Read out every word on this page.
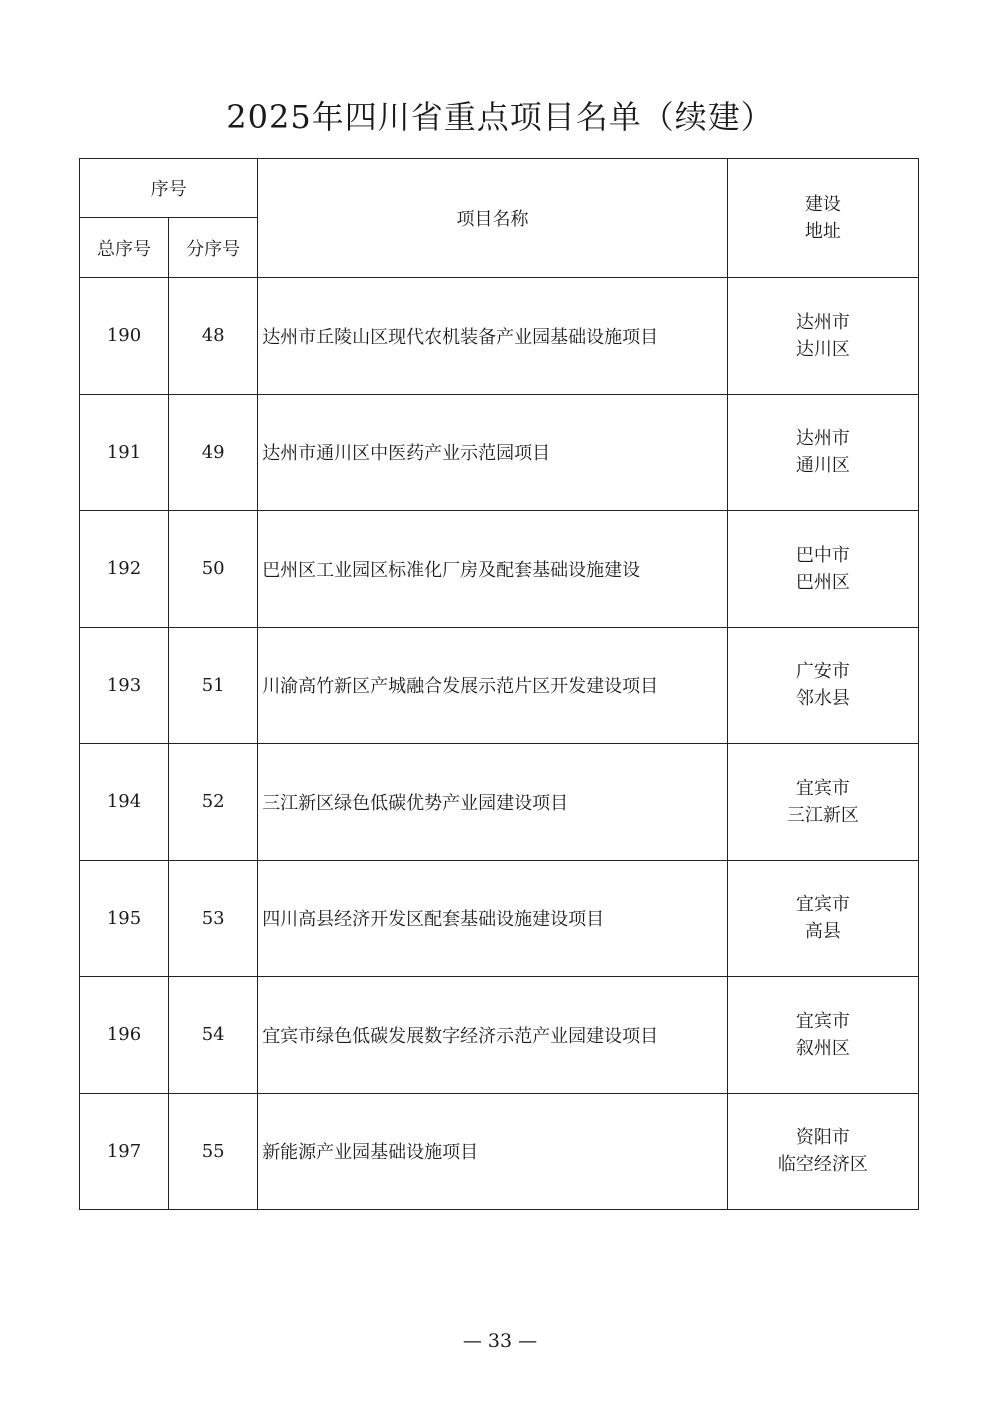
2025年四川省重点项目名单（续建）
序号		项目名称	建设
地址

总序号	分序号		
190	48	达州市丘陵山区现代农机装备产业园基础设施项目	达州市
达川区

191	49	达州市通川区中医药产业示范园项目	达州市
通川区

192	50	巴州区工业园区标准化厂房及配套基础设施建设	巴中市
巴州区

193	51	川渝高竹新区产城融合发展示范片区开发建设项目	广安市
邻水县

194	52	三江新区绿色低碳优势产业园建设项目	宜宾市
三江新区

195	53	四川高县经济开发区配套基础设施建设项目	宜宾市
高县

196	54	宜宾市绿色低碳发展数字经济示范产业园建设项目	宜宾市
叙州区

197	55	新能源产业园基础设施项目	资阳市
临空经济区
— 33 —
